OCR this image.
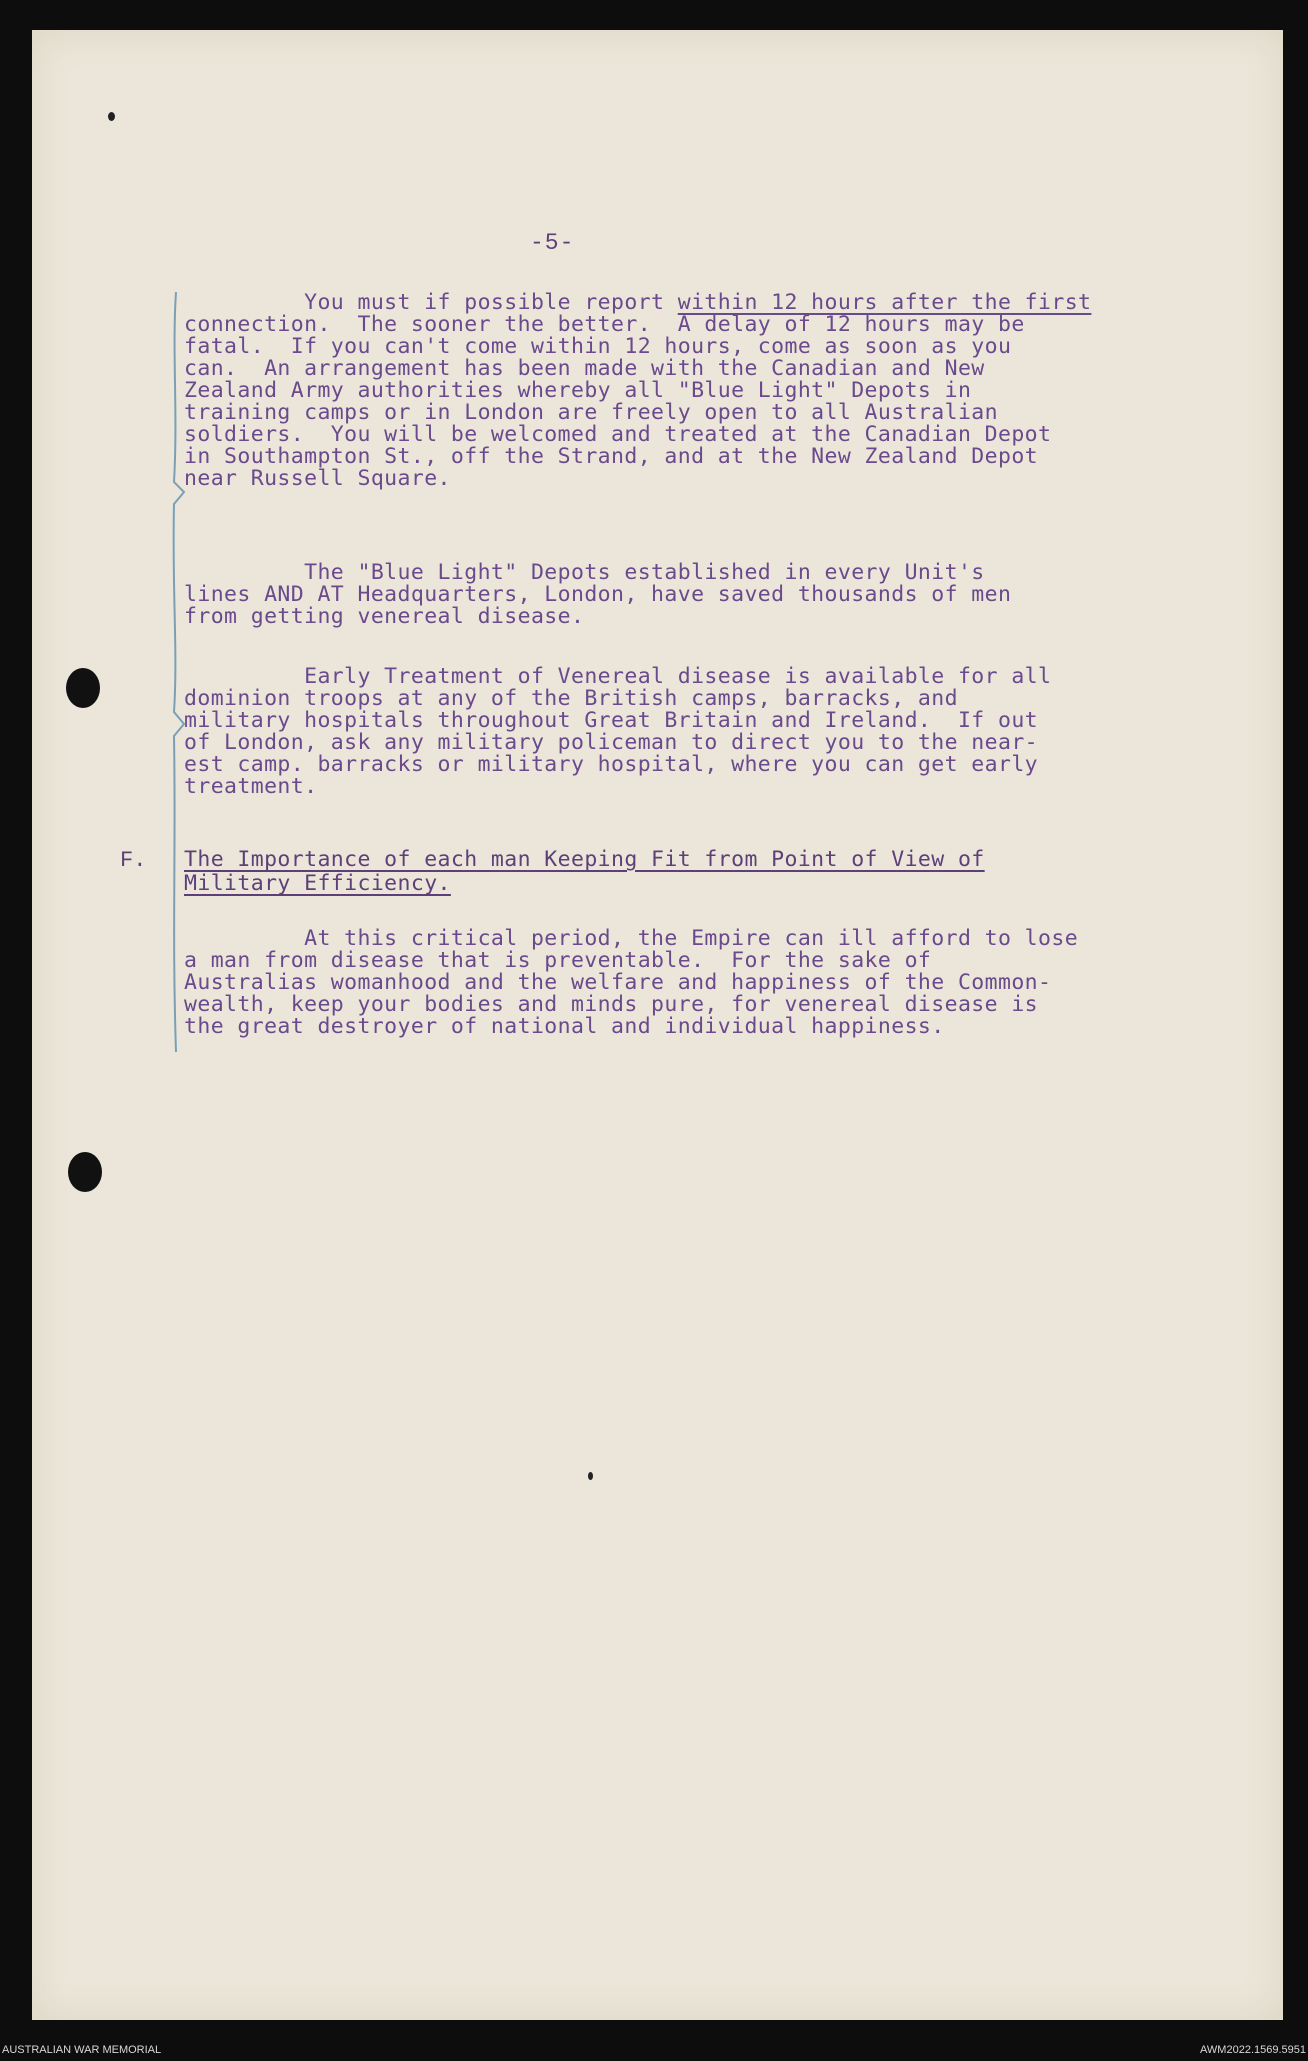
-5-
You must if possible report within 12 hours after the first
connection.  The sooner the better.  A delay of 12 hours may be
fatal.  If you can't come within 12 hours, come as soon as you
can.  An arrangement has been made with the Canadian and New
Zealand Army authorities whereby all "Blue Light" Depots in
training camps or in London are freely open to all Australian
soldiers.  You will be welcomed and treated at the Canadian Depot
in Southampton St., off the Strand, and at the New Zealand Depot
near Russell Square.
The "Blue Light" Depots established in every Unit's
lines AND AT Headquarters, London, have saved thousands of men
from getting venereal disease.
Early Treatment of Venereal disease is available for all
dominion troops at any of the British camps, barracks, and
military hospitals throughout Great Britain and Ireland.  If out
of London, ask any military policeman to direct you to the near-
est camp. barracks or military hospital, where you can get early
treatment.
F. The Importance of each man Keeping Fit from Point of View of
Military Efficiency.
At this critical period, the Empire can ill afford to lose
a man from disease that is preventable.  For the sake of
Australias womanhood and the welfare and happiness of the Common-
wealth, keep your bodies and minds pure, for venereal disease is
the great destroyer of national and individual happiness.
AUSTRALIAN WAR MEMORIAL	AWM2022.1569.5951
